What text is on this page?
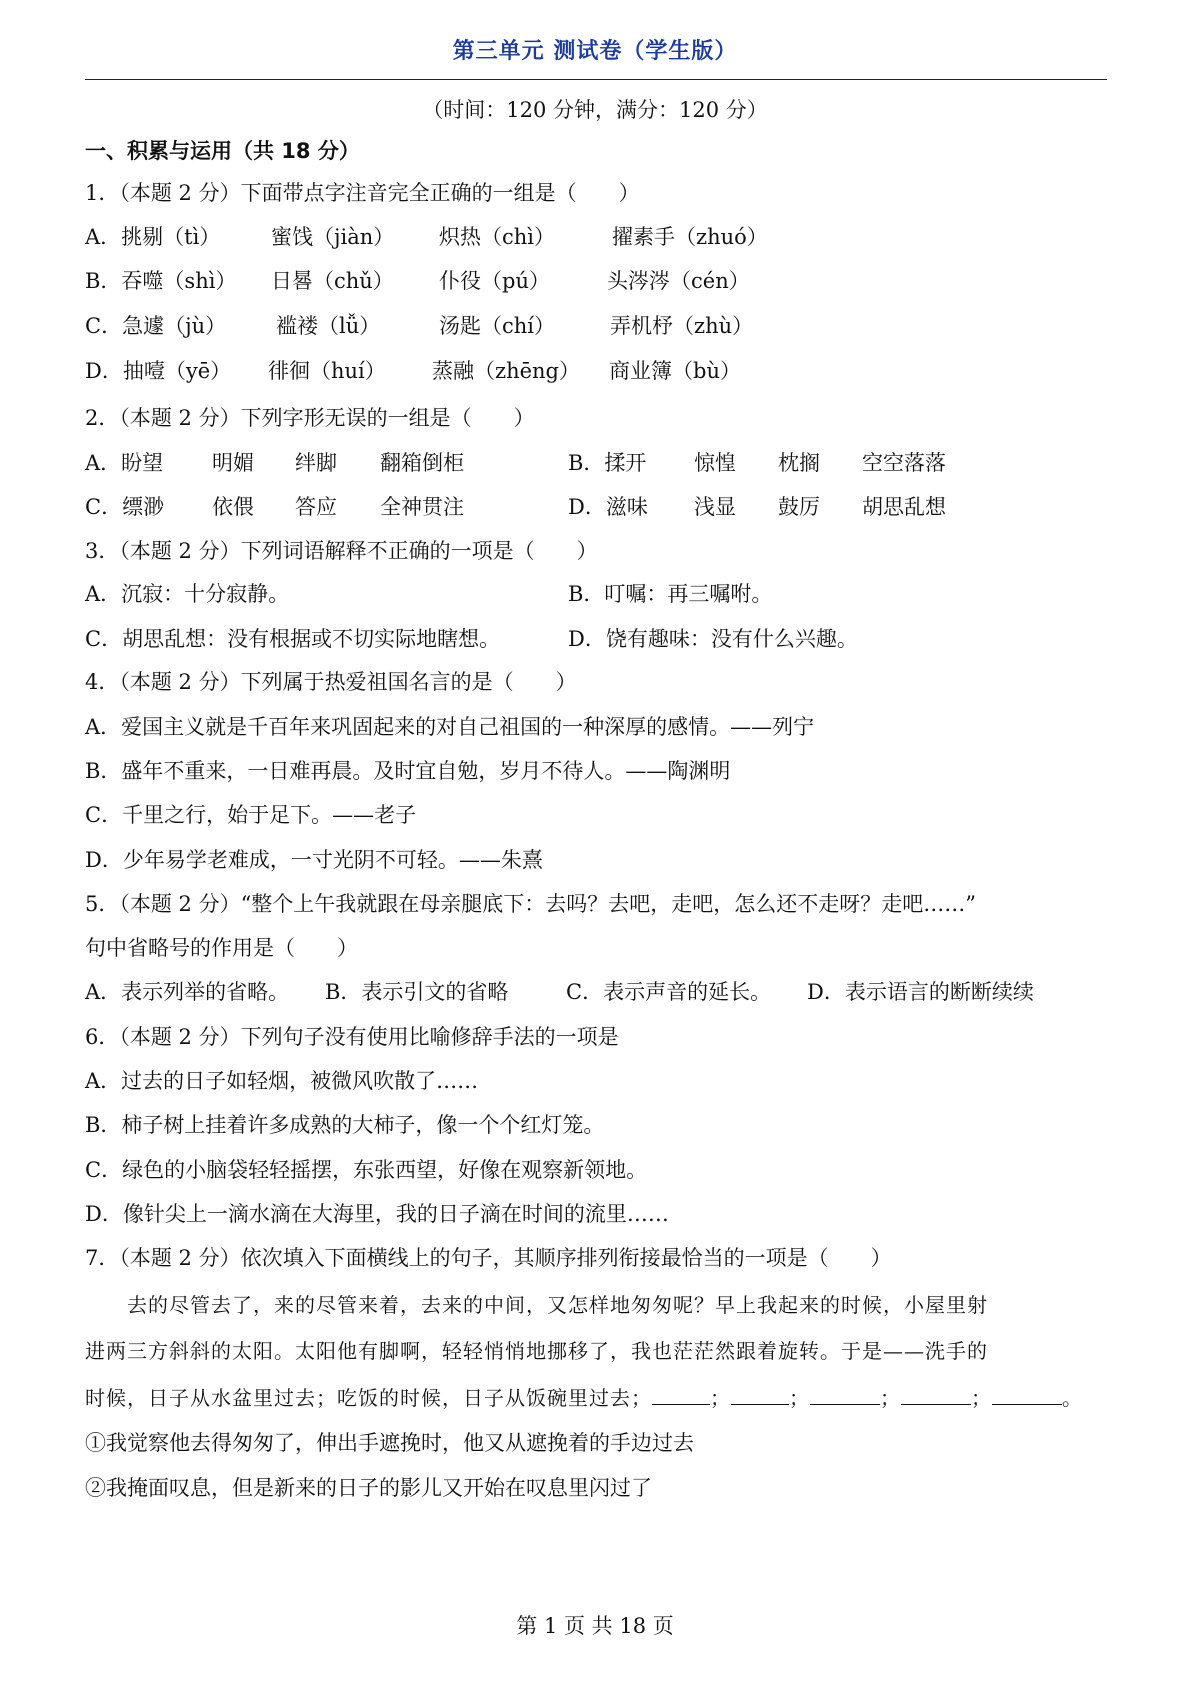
第三单元 测试卷（学生版）
（时间：120 分钟，满分：120 分）
一、积累与运用（共 18 分）
1．（本题 2 分）下面带点字注音完全正确的一组是（　　）
A．挑剔（tì） 蜜饯（jiàn） 炽热（chì）	擢素手（zhuó）
B．吞噬（shì） 日晷（chǔ） 仆役（pú）	头涔涔（cén）
C．急遽（jù） 褴褛（lǚ）	汤匙（chí）	弄机杼（zhù）
D．抽噎（yē） 徘徊（huí） 蒸融（zhēng） 商业簿（bù）
2．（本题 2 分）下列字形无误的一组是（　　）
A．盼望 明媚 绊脚 翻箱倒柜	B．揉开 惊惶 枕搁 空空落落
C．缥渺 依偎 答应 全神贯注	D．滋味 浅显 鼓厉 胡思乱想
3．（本题 2 分）下列词语解释不正确的一项是（　　）
A．沉寂：十分寂静。	B．叮嘱：再三嘱咐。
C．胡思乱想：没有根据或不切实际地瞎想。	D．饶有趣味：没有什么兴趣。
4．（本题 2 分）下列属于热爱祖国名言的是（　　）
A．爱国主义就是千百年来巩固起来的对自己祖国的一种深厚的感情。——列宁
B．盛年不重来，一日难再晨。及时宜自勉，岁月不待人。——陶渊明
C．千里之行，始于足下。——老子
D．少年易学老难成，一寸光阴不可轻。——朱熹
5．（本题 2 分）“整个上午我就跟在母亲腿底下：去吗？去吧，走吧，怎么还不走呀？走吧……”
句中省略号的作用是（　　）
A．表示列举的省略。 B．表示引文的省略	C．表示声音的延长。 D．表示语言的断断续续
6．（本题 2 分）下列句子没有使用比喻修辞手法的一项是
A．过去的日子如轻烟，被微风吹散了……
B．柿子树上挂着许多成熟的大柿子，像一个个红灯笼。
C．绿色的小脑袋轻轻摇摆，东张西望，好像在观察新领地。
D．像针尖上一滴水滴在大海里，我的日子滴在时间的流里……
7．（本题 2 分）依次填入下面横线上的句子，其顺序排列衔接最恰当的一项是（　　）
去的尽管去了，来的尽管来着，去来的中间，又怎样地匆匆呢？早上我起来的时候，小屋里射
进两三方斜斜的太阳。太阳他有脚啊，轻轻悄悄地挪移了，我也茫茫然跟着旋转。于是——洗手的
时候，日子从水盆里过去；吃饭的时候，日子从饭碗里过去；	；	；	；	；	。
①我觉察他去得匆匆了，伸出手遮挽时，他又从遮挽着的手边过去
②我掩面叹息，但是新来的日子的影儿又开始在叹息里闪过了
第 1 页 共 18 页
